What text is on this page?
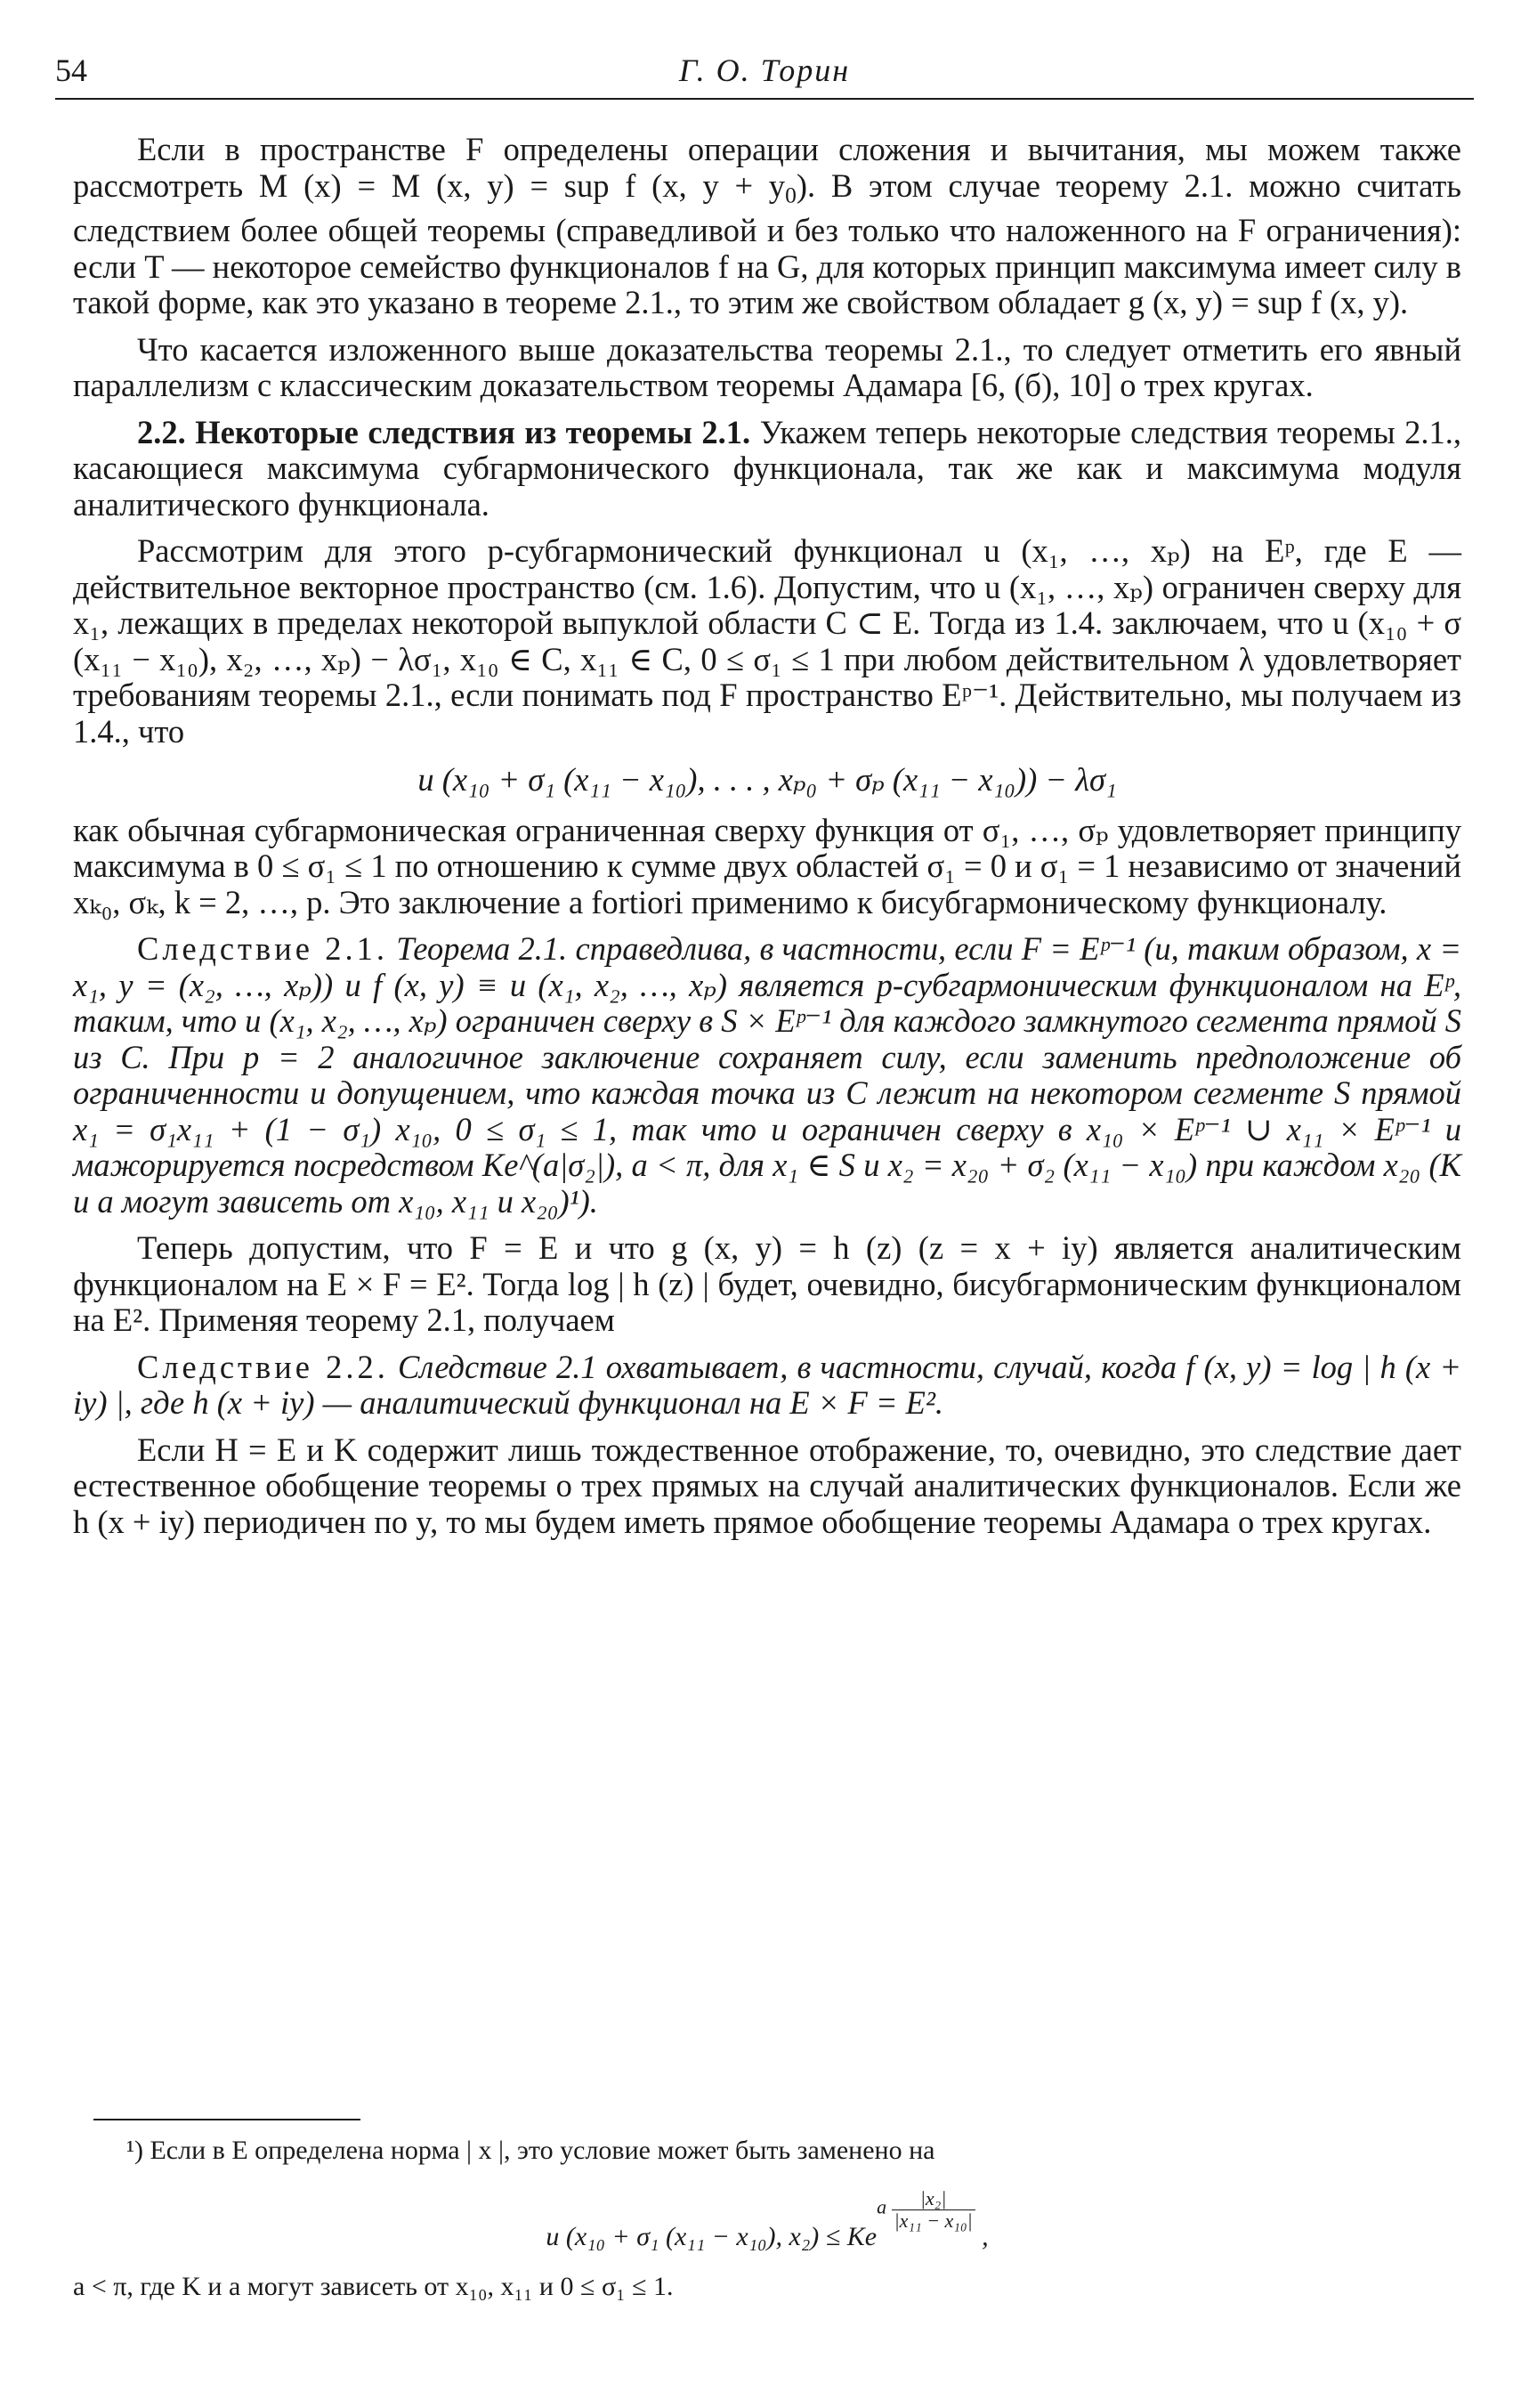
54	Г. О. Торин

Если в пространстве F определены операции сложения и вычитания, мы можем также рассмотреть M (x) = M (x, y) = sup f (x, $y + y_0$). В этом случае теорему 2.1. можно считать следствием более общей теоремы (справедливой и без только что наложенного на F ограничения): если T — некоторое семейство функционалов f на G, для которых принцип максимума имеет силу в такой форме, как это указано в теореме 2.1., то этим же свойством обладает g (x, y) = sup f (x, y).

Что касается изложенного выше доказательства теоремы 2.1., то следует отметить его явный параллелизм с классическим доказательством теоремы Адамара [6, (б), 10] о трех кругах.

2.2. Некоторые следствия из теоремы 2.1. Укажем теперь некоторые следствия теоремы 2.1., касающиеся максимума субгармонического функционала, так же как и максимума модуля аналитического функционала.

Рассмотрим для этого p-субгармонический функционал u (x₁, …, xₚ) на Eᵖ, где E — действительное векторное пространство (см. 1.6). Допустим, что u (x₁, …, xₚ) ограничен сверху для x₁, лежащих в пределах некоторой выпуклой области C ⊂ E. Тогда из 1.4. заключаем, что u (x₁₀ + σ (x₁₁ − x₁₀), x₂, …, xₚ) − λσ₁, x₁₀ ∈ C, x₁₁ ∈ C, 0 ≤ σ₁ ≤ 1 при любом действительном λ удовлетворяет требованиям теоремы 2.1., если понимать под F пространство Eᵖ⁻¹. Действительно, мы получаем из 1.4., что

u (x₁₀ + σ₁ (x₁₁ − x₁₀), . . . , xₚ₀ + σₚ (x₁₁ − x₁₀)) − λσ₁

как обычная субгармоническая ограниченная сверху функция от σ₁, …, σₚ удовлетворяет принципу максимума в 0 ≤ σ₁ ≤ 1 по отношению к сумме двух областей σ₁ = 0 и σ₁ = 1 независимо от значений xₖ₀, σₖ, k = 2, …, p. Это заключение a fortiori применимо к бисубгармоническому функционалу.

Следствие 2.1. Теорема 2.1. справедлива, в частности, если F = Eᵖ⁻¹ (и, таким образом, x = x₁, y = (x₂, …, xₚ)) и f (x, y) ≡ u (x₁, x₂, …, xₚ) является p-субгармоническим функционалом на Eᵖ, таким, что u (x₁, x₂, …, xₚ) ограничен сверху в S × Eᵖ⁻¹ для каждого замкнутого сегмента прямой S из C. При p = 2 аналогичное заключение сохраняет силу, если заменить предположение об ограниченности и допущением, что каждая точка из C лежит на некотором сегменте S прямой x₁ = σ₁x₁₁ + (1 − σ₁) x₁₀, 0 ≤ σ₁ ≤ 1, так что и ограничен сверху в x₁₀ × Eᵖ⁻¹ ∪ x₁₁ × Eᵖ⁻¹ и мажорируется посредством Ke^(a|σ₂|), a < π, для x₁ ∈ S и x₂ = x₂₀ + σ₂ (x₁₁ − x₁₀) при каждом x₂₀ (K и a могут зависеть от x₁₀, x₁₁ и x₂₀)¹).

Теперь допустим, что F = E и что g (x, y) = h (z) (z = x + iy) является аналитическим функционалом на E × F = E². Тогда log | h (z) | будет, очевидно, бисубгармоническим функционалом на E². Применяя теорему 2.1, получаем

Следствие 2.2. Следствие 2.1 охватывает, в частности, случай, когда f (x, y) = log | h (x + iy) |, где h (x + iy) — аналитический функционал на E × F = E².

Если H = E и K содержит лишь тождественное отображение, то, очевидно, это следствие дает естественное обобщение теоремы о трех прямых на случай аналитических функционалов. Если же h (x + iy) периодичен по y, то мы будем иметь прямое обобщение теоремы Адамара о трех кругах.

¹) Если в E определена норма | x |, это условие может быть заменено на

u (x₁₀ + σ₁ (x₁₁ − x₁₀), x₂) ≤ Kea $\frac{\text{|x₂|}}{\text{|x₁₁ − x₁₀|}}$
,

a < π, где K и a могут зависеть от x₁₀, x₁₁ и 0 ≤ σ₁ ≤ 1.
